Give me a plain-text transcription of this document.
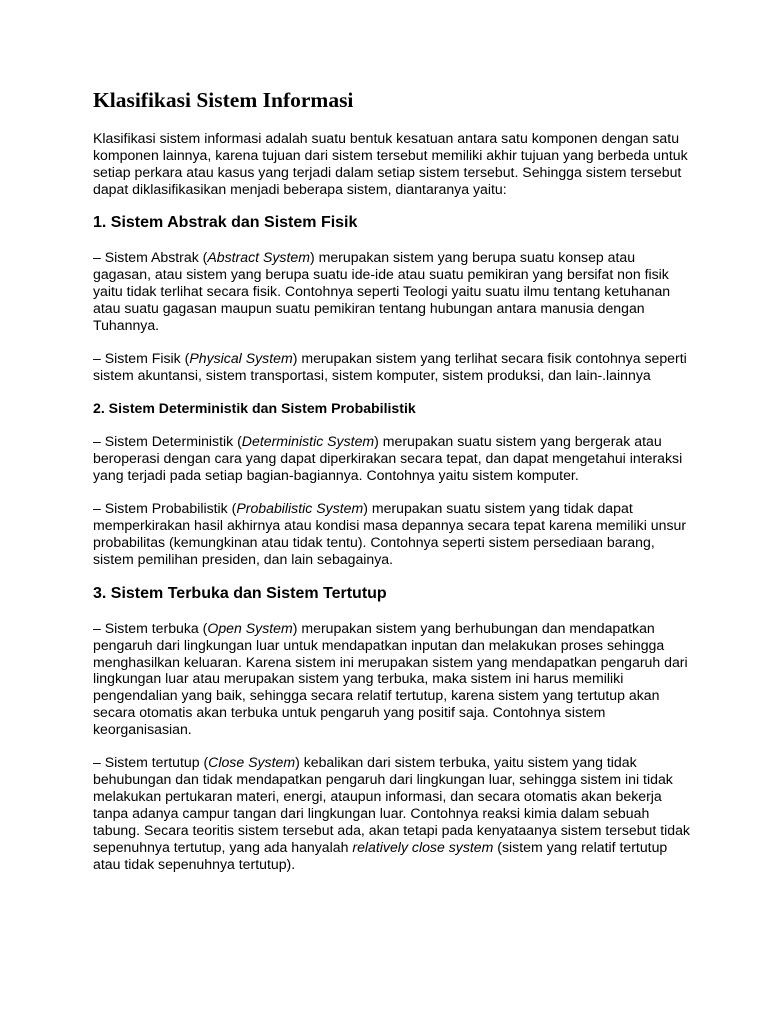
Klasifikasi Sistem Informasi

Klasifikasi sistem informasi adalah suatu bentuk kesatuan antara satu komponen dengan satu komponen lainnya, karena tujuan dari sistem tersebut memiliki akhir tujuan yang berbeda untuk setiap perkara atau kasus yang terjadi dalam setiap sistem tersebut. Sehingga sistem tersebut dapat diklasifikasikan menjadi beberapa sistem, diantaranya yaitu:

1. Sistem Abstrak dan Sistem Fisik

– Sistem Abstrak (Abstract System) merupakan sistem yang berupa suatu konsep atau gagasan, atau sistem yang berupa suatu ide-ide atau suatu pemikiran yang bersifat non fisik yaitu tidak terlihat secara fisik. Contohnya seperti Teologi yaitu suatu ilmu tentang ketuhanan atau suatu gagasan maupun suatu pemikiran tentang hubungan antara manusia dengan Tuhannya.

– Sistem Fisik (Physical System) merupakan sistem yang terlihat secara fisik contohnya seperti sistem akuntansi, sistem transportasi, sistem komputer, sistem produksi, dan lain-.lainnya

2. Sistem Deterministik dan Sistem Probabilistik

– Sistem Deterministik (Deterministic System) merupakan suatu sistem yang bergerak atau beroperasi dengan cara yang dapat diperkirakan secara tepat, dan dapat mengetahui interaksi yang terjadi pada setiap bagian-bagiannya. Contohnya yaitu sistem komputer.

– Sistem Probabilistik (Probabilistic System) merupakan suatu sistem yang tidak dapat memperkirakan hasil akhirnya atau kondisi masa depannya secara tepat karena memiliki unsur probabilitas (kemungkinan atau tidak tentu). Contohnya seperti sistem persediaan barang, sistem pemilihan presiden, dan lain sebagainya.

3. Sistem Terbuka dan Sistem Tertutup

– Sistem terbuka (Open System) merupakan sistem yang berhubungan dan mendapatkan pengaruh dari lingkungan luar untuk mendapatkan inputan dan melakukan proses sehingga menghasilkan keluaran. Karena sistem ini merupakan sistem yang mendapatkan pengaruh dari lingkungan luar atau merupakan sistem yang terbuka, maka sistem ini harus memiliki pengendalian yang baik, sehingga secara relatif tertutup, karena sistem yang tertutup akan secara otomatis akan terbuka untuk pengaruh yang positif saja. Contohnya sistem keorganisasian.

– Sistem tertutup (Close System) kebalikan dari sistem terbuka, yaitu sistem yang tidak behubungan dan tidak mendapatkan pengaruh dari lingkungan luar, sehingga sistem ini tidak melakukan pertukaran materi, energi, ataupun informasi, dan secara otomatis akan bekerja tanpa adanya campur tangan dari lingkungan luar. Contohnya reaksi kimia dalam sebuah tabung. Secara teoritis sistem tersebut ada, akan tetapi pada kenyataanya sistem tersebut tidak sepenuhnya tertutup, yang ada hanyalah relatively close system (sistem yang relatif tertutup atau tidak sepenuhnya tertutup).
